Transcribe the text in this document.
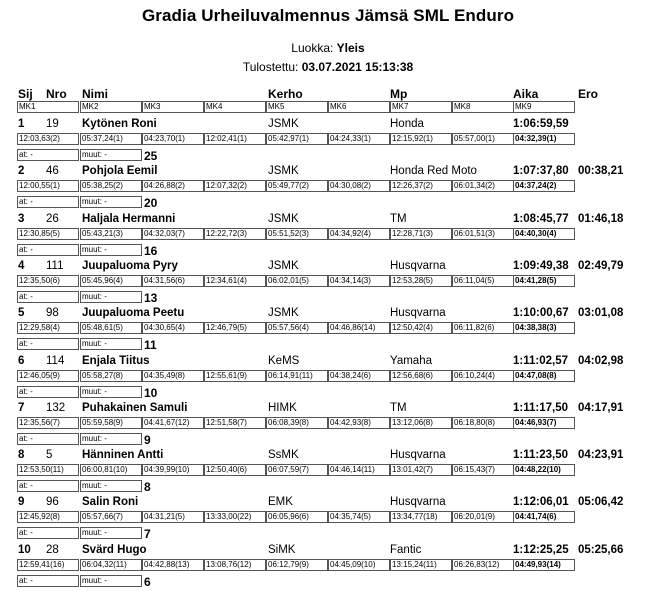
Gradia Urheiluvalmennus Jämsä SML Enduro
Luokka: Yleis
Tulostettu: 03.07.2021 15:13:38
Sij Nro Nimi	Kerho	Mp	Aika	Ero
MK1	MK2	MK3	MK4	MK5	MK6	MK7	MK8	MK9
1 19 Kytönen Roni	JSMK	Honda	1:06:59,59
12:03,63(2)	05:37,24(1)	04:23,70(1)	12:02,41(1)	05:42,97(1)	04:24,33(1)	12:15,92(1)	05:57,00(1)	04:32,39(1)
at: -	muut: -	25
2 46 Pohjola Eemil	JSMK	Honda Red Moto	1:07:37,80 00:38,21
12:00,55(1)	05:38,25(2)	04:26,88(2)	12:07,32(2)	05:49,77(2)	04:30,08(2)	12:26,37(2)	06:01,34(2)	04:37,24(2)
at: -	muut: -	20
3 26 Haljala Hermanni	JSMK	TM	1:08:45,77 01:46,18
12:30,85(5)	05:43,21(3)	04:32,03(7)	12:22,72(3)	05:51,52(3)	04:34,92(4)	12:28,71(3)	06:01,51(3)	04:40,30(4)
at: -	muut: -	16
4 111 Juupaluoma Pyry	JSMK	Husqvarna	1:09:49,38 02:49,79
12:35,50(6)	05:45,96(4)	04:31,56(6)	12:34,61(4)	06:02,01(5)	04:34,14(3)	12:53,28(5)	06:11,04(5)	04:41,28(5)
at: -	muut: -	13
5 98 Juupaluoma Peetu	JSMK	Husqvarna	1:10:00,67 03:01,08
12:29,58(4)	05:48,61(5)	04:30,65(4)	12:46,79(5)	05:57,56(4)	04:46,86(14)	12:50,42(4)	06:11,82(6)	04:38,38(3)
at: -	muut: -	11
6 114 Enjala Tiitus	KeMS	Yamaha	1:11:02,57 04:02,98
12:46,05(9)	05:58,27(8)	04:35,49(8)	12:55,61(9)	06:14,91(11)	04:38,24(6)	12:56,68(6)	06:10,24(4)	04:47,08(8)
at: -	muut: -	10
7 132 Puhakainen Samuli	HIMK	TM	1:11:17,50 04:17,91
12:35,56(7)	05:59,58(9)	04:41,67(12)	12:51,58(7)	06:08,39(8)	04:42,93(8)	13:12,06(8)	06:18,80(8)	04:46,93(7)
at: -	muut: -	9
8 5	Hänninen Antti	SsMK	Husqvarna	1:11:23,50 04:23,91
12:53,50(11)	06:00,81(10)	04:39,99(10)	12:50,40(6)	06:07,59(7)	04:46,14(11)	13:01,42(7)	06:15,43(7)	04:48,22(10)
at: -	muut: -	8
9 96 Salin Roni	EMK	Husqvarna	1:12:06,01 05:06,42
12:45,92(8)	05:57,66(7)	04:31,21(5)	13:33,00(22)	06:05,96(6)	04:35,74(5)	13:34,77(18)	06:20,01(9)	04:41,74(6)
at: -	muut: -	7
10 28 Svärd Hugo	SiMK	Fantic	1:12:25,25 05:25,66
12:59,41(16)	06:04,32(11)	04:42,88(13)	13:08,76(12)	06:12,79(9)	04:45,09(10)	13:15,24(11)	06:26,83(12)	04:49,93(14)
at: -	muut: -	6
